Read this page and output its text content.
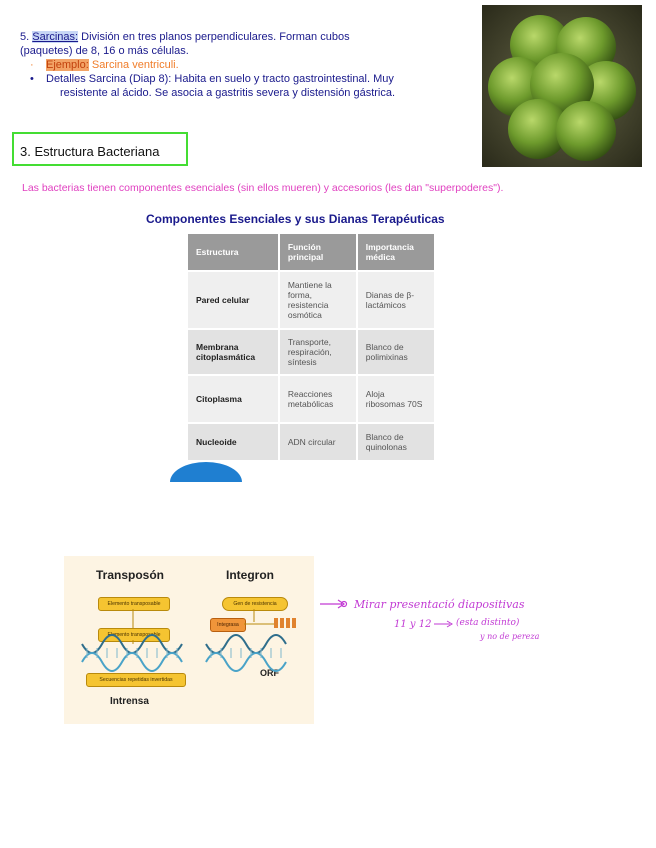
5. Sarcinas: División en tres planos perpendiculares. Forman cubos
(paquetes) de 8, 16 o más células.

· Ejemplo: Sarcina ventriculi.

• Detalles Sarcina (Diap 8): Habita en suelo y tracto gastrointestinal. Muy
resistente al ácido. Se asocia a gastritis severa y distensión gástrica.

3. Estructura Bacteriana
Las bacterias tienen componentes esenciales (sin ellos mueren) y accesorios (les dan "superpoderes").
Componentes Esenciales y sus Dianas Terapéuticas
Estructura	Función principal	Importancia médica
Pared celular	Mantiene la forma, resistencia osmótica	Dianas de β-lactámicos
Membrana citoplasmática	Transporte, respiración, síntesis	Blanco de polimixinas
Citoplasma	Reacciones metabólicas	Aloja ribosomas 70S
Nucleoide	ADN circular	Blanco de quinolonas
Transposón	Integron
Elemento transposable
Elemento transposable
Secuencias repetidas invertidas
Gen de resistencia
Integrasa
ORF
Intrensa
Mirar presentació diapositivas
11 y 12	(esta distinto)
y no de pereza
